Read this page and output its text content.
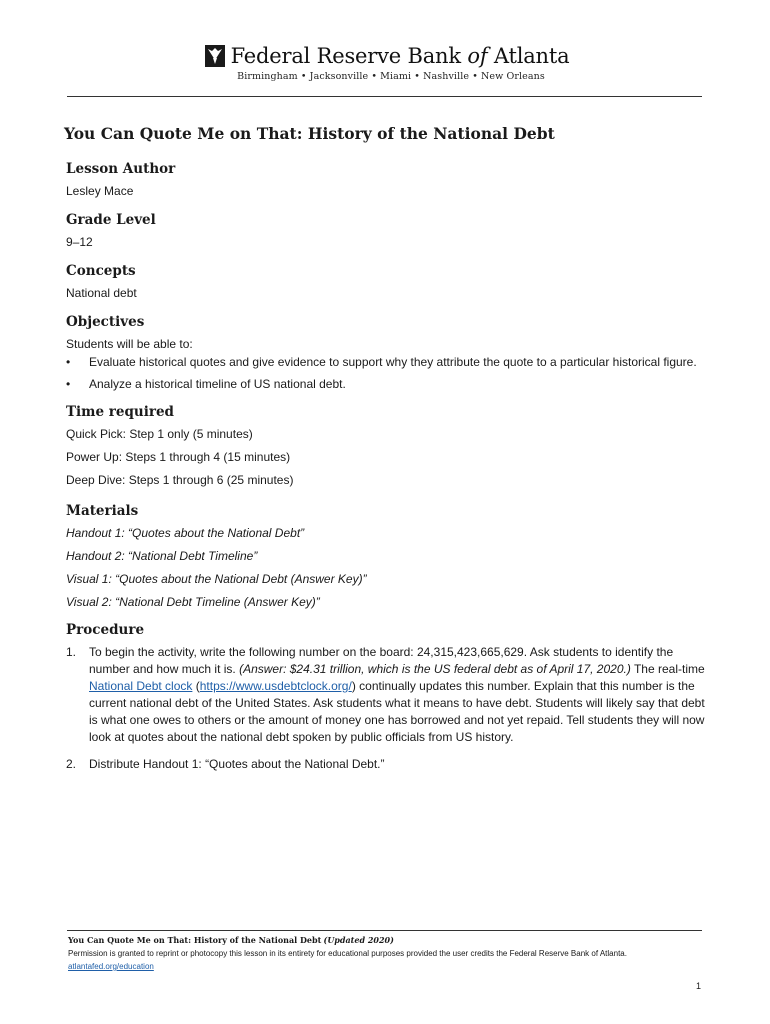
Federal Reserve Bank of Atlanta
Birmingham • Jacksonville • Miami • Nashville • New Orleans
You Can Quote Me on That: History of the National Debt
Lesson Author

Lesley Mace

Grade Level

9–12

Concepts

National debt

Objectives

Students will be able to:

• Evaluate historical quotes and give evidence to support why they attribute the quote to a particular historical figure.
• Analyze a historical timeline of US national debt.
Time required

Quick Pick: Step 1 only (5 minutes)

Power Up: Steps 1 through 4 (15 minutes)

Deep Dive: Steps 1 through 6 (25 minutes)

Materials

Handout 1: “Quotes about the National Debt”

Handout 2: “National Debt Timeline”

Visual 1: “Quotes about the National Debt (Answer Key)”

Visual 2: “National Debt Timeline (Answer Key)”

Procedure
1. To begin the activity, write the following number on the board: 24,315,423,665,629. Ask students to identify the number and how much it is. (Answer: $24.31 trillion, which is the US federal debt as of April 17, 2020.) The real-time National Debt clock (https://www.usdebtclock.org/) continually updates this number. Explain that this number is the current national debt of the United States. Ask students what it means to have debt. Students will likely say that debt is what one owes to others or the amount of money one has borrowed and not yet repaid. Tell students they will now look at quotes about the national debt spoken by public officials from US history.
2. Distribute Handout 1: “Quotes about the National Debt.”
You Can Quote Me on That: History of the National Debt (Updated 2020)
Permission is granted to reprint or photocopy this lesson in its entirety for educational purposes provided the user credits the Federal Reserve Bank of Atlanta.
atlantafed.org/education
1
